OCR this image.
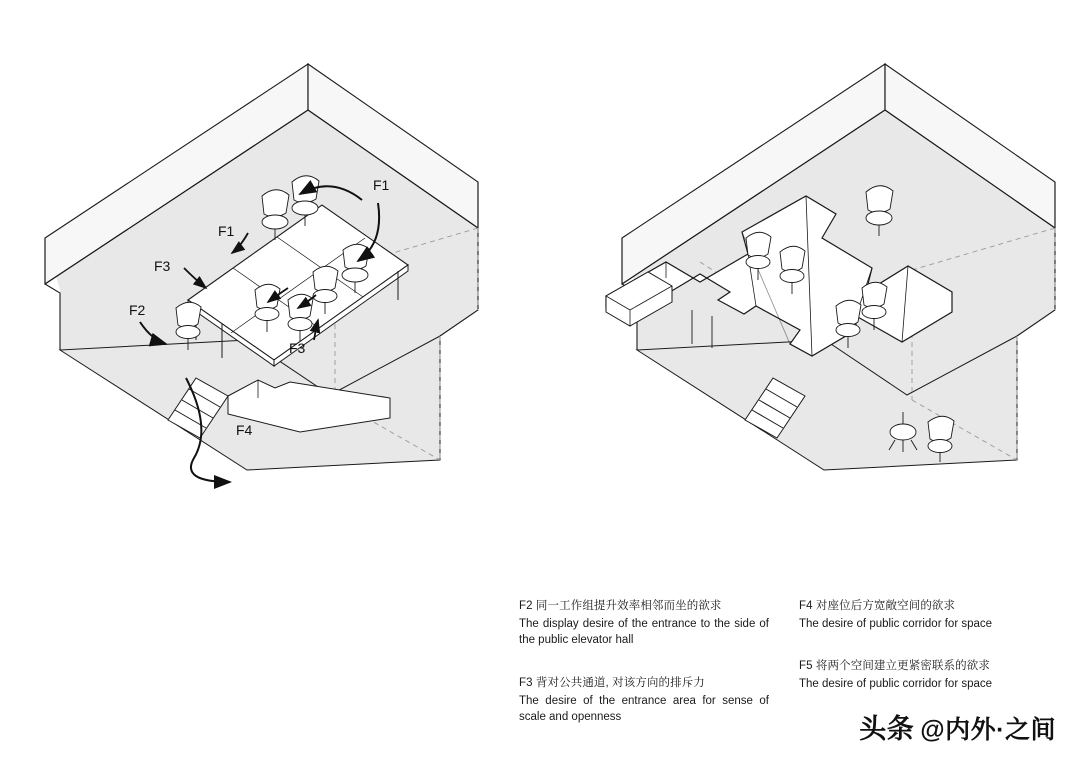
F1
F1
F3
F2
F3
F4
F2 同一工作组提升效率相邻而坐的欲求
The display desire of the entrance to the side of the public elevator hall
F3 背对公共通道, 对该方向的排斥力
The desire of the entrance area for sense of scale and openness
F4 对座位后方宽敞空间的欲求
The desire of public corridor for space
F5 将两个空间建立更紧密联系的欲求
The desire of public corridor for space
头条 @内外·之间
